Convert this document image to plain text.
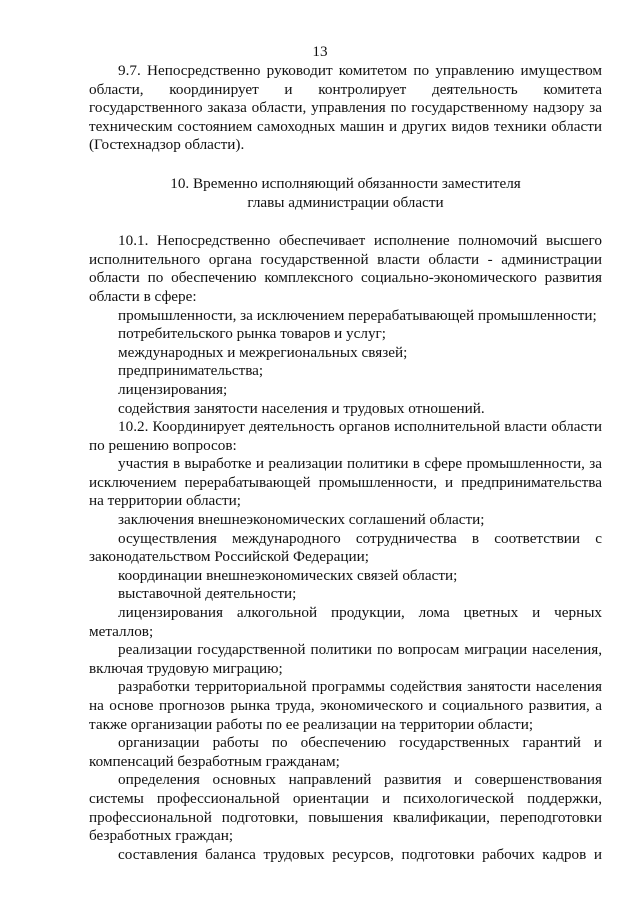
13

9.7. Непосредственно руководит комитетом по управлению имуществом области, координирует и контролирует деятельность комитета государственного заказа области, управления по государственному надзору за техническим состоянием самоходных машин и других видов техники области (Гостехнадзор области).

10. Временно исполняющий обязанности заместителя
главы администрации области

10.1. Непосредственно обеспечивает исполнение полномочий высшего исполнительного органа государственной власти области - администрации области по обеспечению комплексного социально-экономического развития области в сфере:

промышленности, за исключением перерабатывающей промышленности;

потребительского рынка товаров и услуг;

международных и межрегиональных связей;

предпринимательства;

лицензирования;

содействия занятости населения и трудовых отношений.

10.2. Координирует деятельность органов исполнительной власти области по решению вопросов:

участия в выработке и реализации политики в сфере промышленности, за исключением перерабатывающей промышленности, и предпринимательства на территории области;

заключения внешнеэкономических соглашений области;

осуществления международного сотрудничества в соответствии с законодательством Российской Федерации;

координации внешнеэкономических связей области;

выставочной деятельности;

лицензирования алкогольной продукции, лома цветных и черных металлов;

реализации государственной политики по вопросам миграции населения, включая трудовую миграцию;

разработки территориальной программы содействия занятости населения на основе прогнозов рынка труда, экономического и социального развития, а также организации работы по ее реализации на территории области;

организации работы по обеспечению государственных гарантий и компенсаций безработным гражданам;

определения основных направлений развития и совершенствования системы профессиональной ориентации и психологической поддержки, профессиональной подготовки, повышения квалификации, переподготовки безработных граждан;

составления баланса трудовых ресурсов, подготовки рабочих кадров и
